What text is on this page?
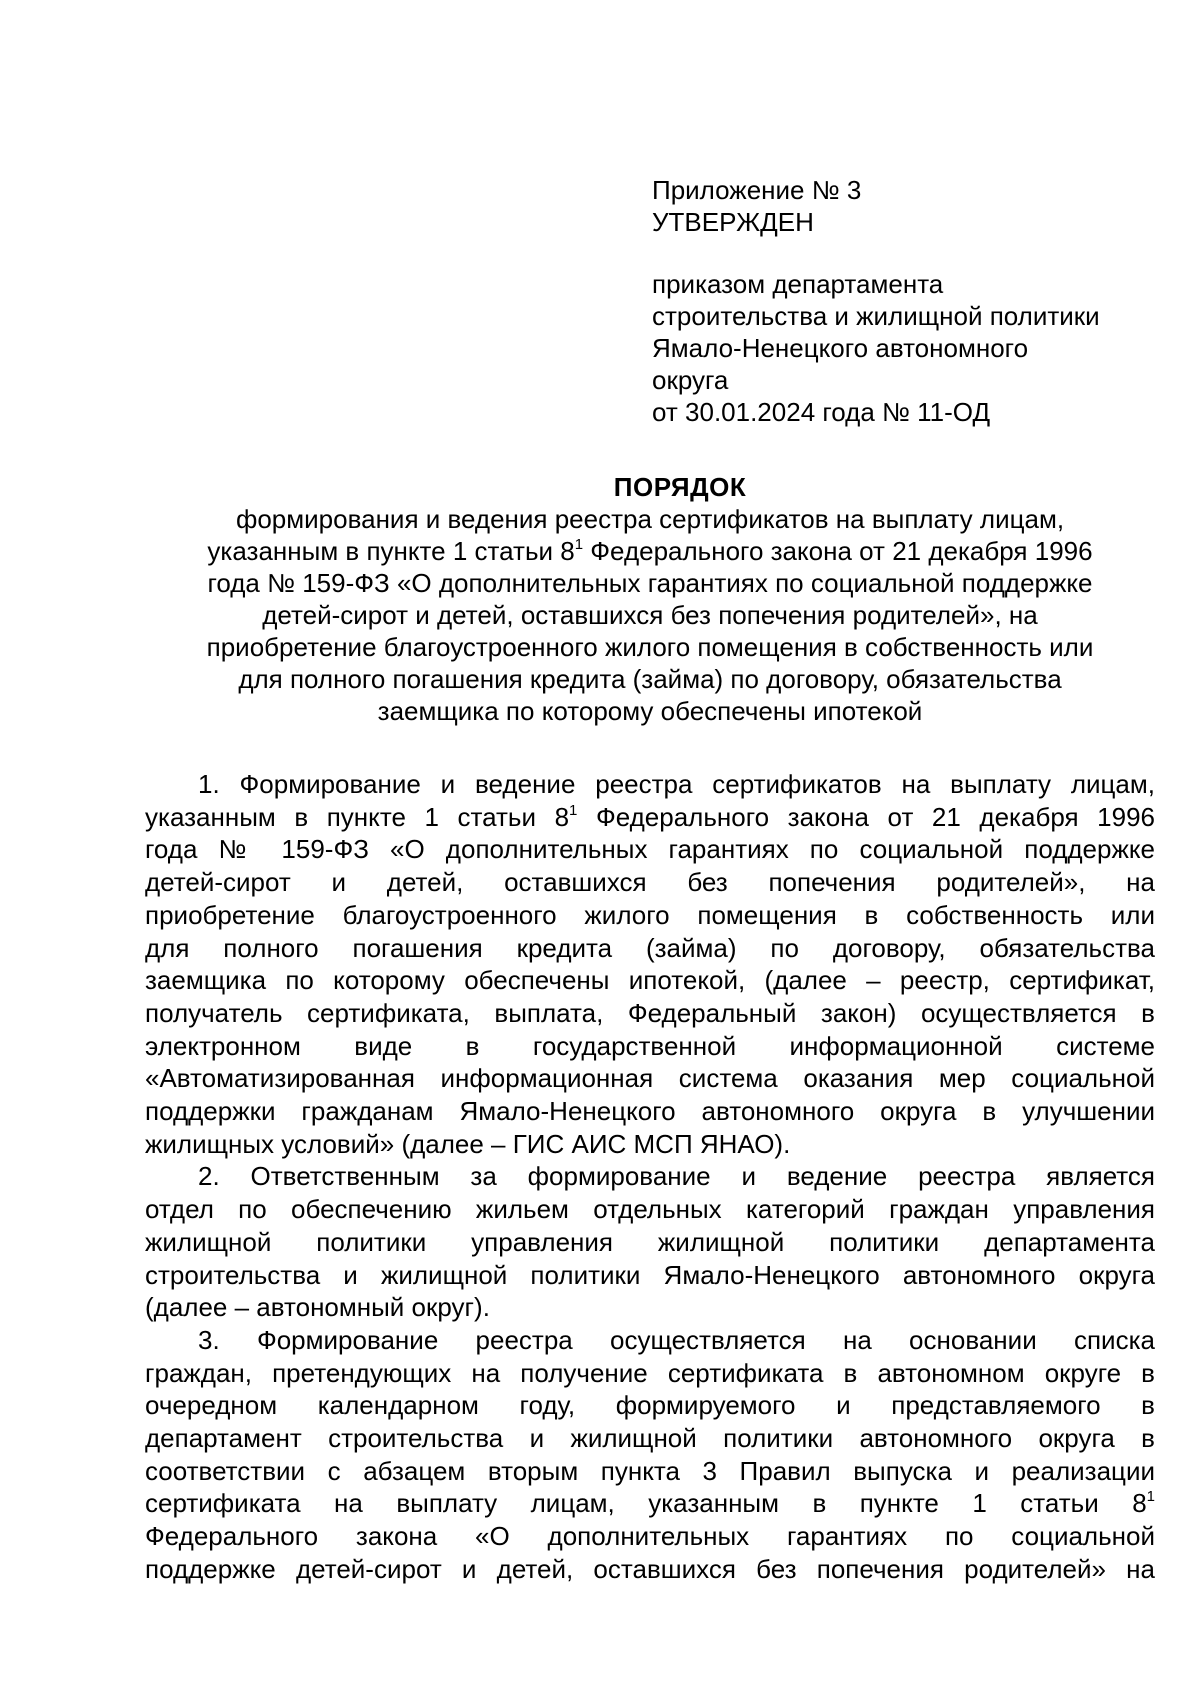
Приложение № 3
УТВЕРЖДЕН
приказом департамента
строительства и жилищной политики
Ямало-Ненецкого автономного
округа
от 30.01.2024 года № 11-ОД
ПОРЯДОК
формирования и ведения реестра сертификатов на выплату лицам,
указанным в пункте 1 статьи $8^1$ Федерального закона от 21 декабря 1996
года № 159-ФЗ «О дополнительных гарантиях по социальной поддержке
детей-сирот и детей, оставшихся без попечения родителей», на
приобретение благоустроенного жилого помещения в собственность или
для полного погашения кредита (займа) по договору, обязательства
заемщика по которому обеспечены ипотекой
1. Формирование и ведение реестра сертификатов на выплату лицам,
указанным в пункте 1 статьи $8^1$ Федерального закона от 21 декабря 1996
года № 159-ФЗ «О дополнительных гарантиях по социальной поддержке
детей-сирот и детей, оставшихся без попечения родителей», на
приобретение благоустроенного жилого помещения в собственность или
для полного погашения кредита (займа) по договору, обязательства
заемщика по которому обеспечены ипотекой, (далее – реестр, сертификат,
получатель сертификата, выплата, Федеральный закон) осуществляется в
электронном виде в государственной информационной системе
«Автоматизированная информационная система оказания мер социальной
поддержки гражданам Ямало-Ненецкого автономного округа в улучшении
жилищных условий» (далее – ГИС АИС МСП ЯНАО).
2. Ответственным за формирование и ведение реестра является
отдел по обеспечению жильем отдельных категорий граждан управления
жилищной политики управления жилищной политики департамента
строительства и жилищной политики Ямало-Ненецкого автономного округа
(далее – автономный округ).
3. Формирование реестра осуществляется на основании списка
граждан, претендующих на получение сертификата в автономном округе в
очередном календарном году, формируемого и представляемого в
департамент строительства и жилищной политики автономного округа в
соответствии с абзацем вторым пункта 3 Правил выпуска и реализации
сертификата на выплату лицам, указанным в пункте 1 статьи $8^1$
Федерального закона «О дополнительных гарантиях по социальной
поддержке детей-сирот и детей, оставшихся без попечения родителей» на
